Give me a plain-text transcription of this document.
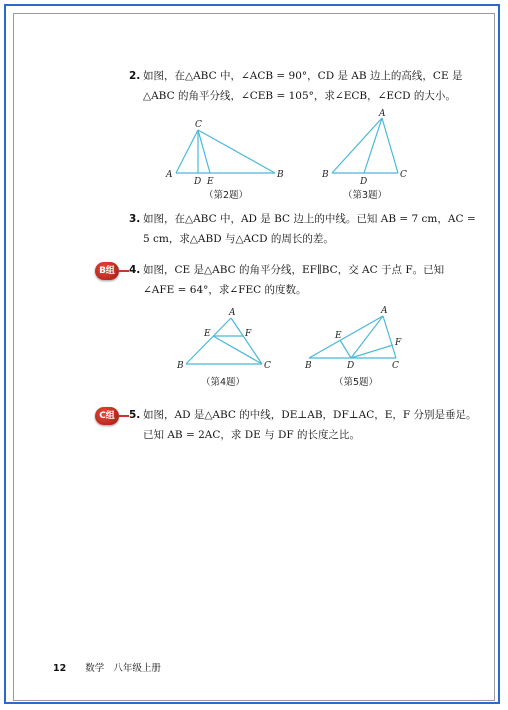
2. 如图，在△ABC 中，∠ACB = 90°，CD 是 AB 边上的高线，CE 是
△ABC 的角平分线，∠CEB = 105°，求∠ECB，∠ECD 的大小。
3. 如图，在△ABC 中，AD 是 BC 边上的中线。已知 AB = 7 cm，AC =
5 cm，求△ABD 与△ACD 的周长的差。
B组	4. 如图，CE 是△ABC 的角平分线，EF∥BC，交 AC 于点 F。已知
∠AFE = 64°，求∠FEC 的度数。
C组	5. 如图，AD 是△ABC 的中线，DE⊥AB，DF⊥AC，E，F 分别是垂足。
已知 AB = 2AC，求 DE 与 DF 的长度之比。
A	B
C
D E
A
B	C
D
A
B	C
E	F
A
B	C
D
E
F
（第2题）	（第3题）
（第4题）	（第5题）
12 数学 八年级上册
